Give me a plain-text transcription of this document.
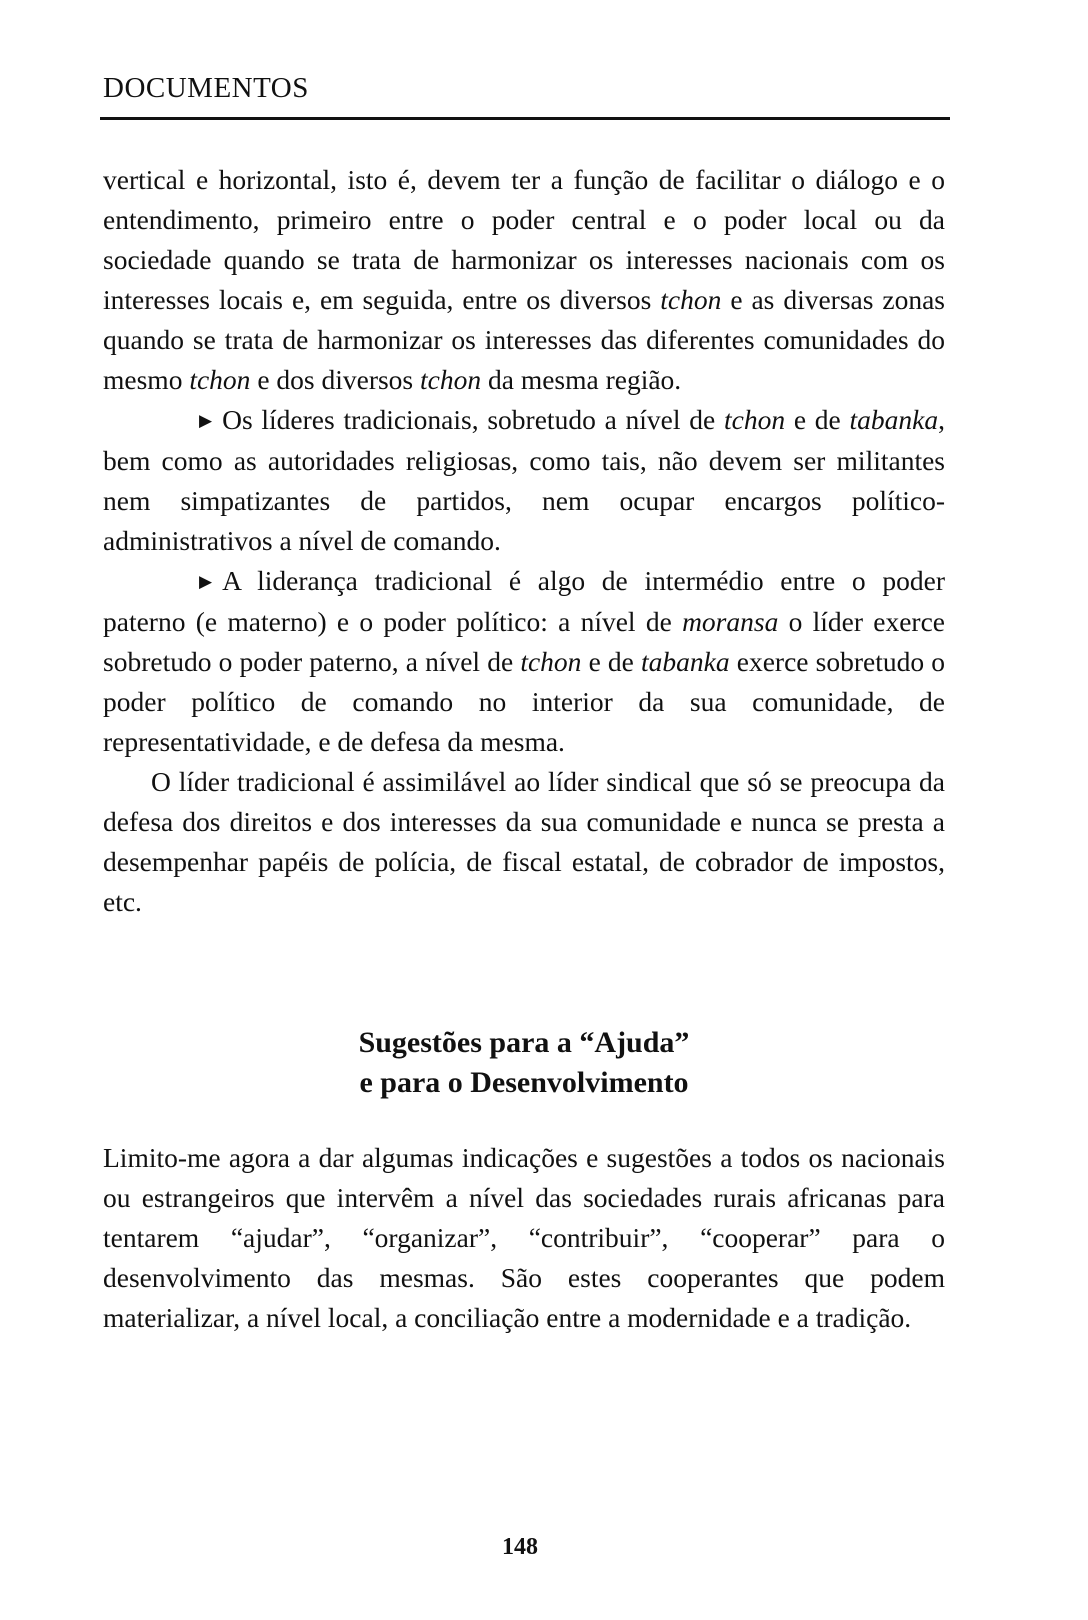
DOCUMENTOS

vertical e horizontal, isto é, devem ter a função de facilitar o diálogo e o entendimento, primeiro entre o poder central e o poder local ou da sociedade quando se trata de harmonizar os interesses nacionais com os interesses locais e, em seguida, entre os diversos tchon e as diversas zonas quando se trata de harmonizar os interesses das diferentes comunidades do mesmo tchon e dos diversos tchon da mesma região.

▶ Os líderes tradicionais, sobretudo a nível de tchon e de tabanka, bem como as autoridades religiosas, como tais, não devem ser militantes nem simpatizantes de partidos, nem ocupar encargos político-administrativos a nível de comando.

▶ A liderança tradicional é algo de intermédio entre o poder paterno (e materno) e o poder político: a nível de moransa o líder exerce sobretudo o poder paterno, a nível de tchon e de tabanka exerce sobretudo o poder político de comando no interior da sua comunidade, de representatividade, e de defesa da mesma.

O líder tradicional é assimilável ao líder sindical que só se preocupa da defesa dos direitos e dos interesses da sua comunidade e nunca se presta a desempenhar papéis de polícia, de fiscal estatal, de cobrador de impostos, etc.

Sugestões para a “Ajuda”
e para o Desenvolvimento

Limito-me agora a dar algumas indicações e sugestões a todos os nacionais ou estrangeiros que intervêm a nível das sociedades rurais africanas para tentarem “ajudar”, “organizar”, “contribuir”, “cooperar” para o desenvolvimento das mesmas. São estes cooperantes que podem materializar, a nível local, a conciliação entre a modernidade e a tradição.

148
